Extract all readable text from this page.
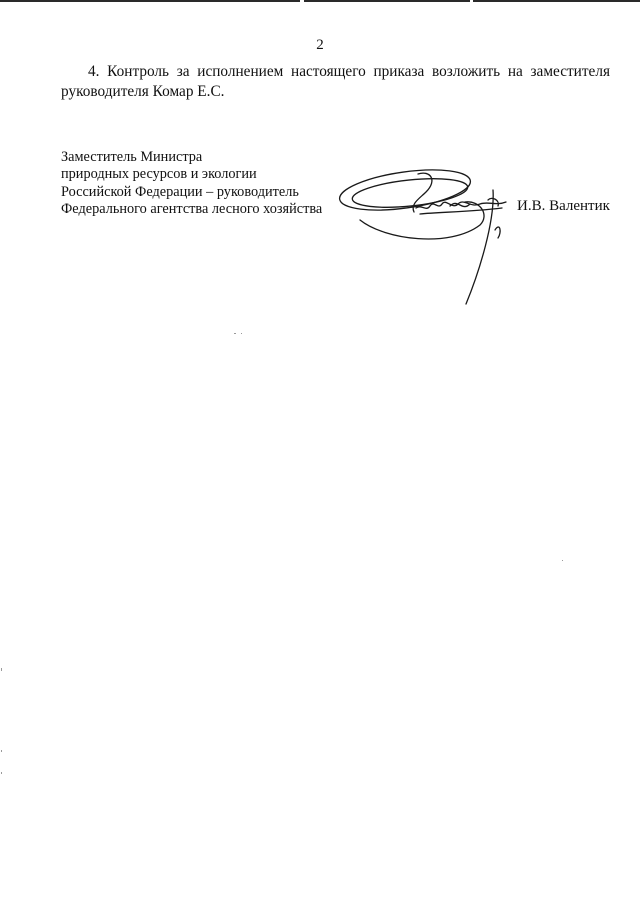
2

4. Контроль за исполнением настоящего приказа возложить на заместителя руководителя Комар Е.С.

Заместитель Министра
природных ресурсов и экологии
Российской Федерации – руководитель
Федерального агентства лесного хозяйства	И.В. Валентик
